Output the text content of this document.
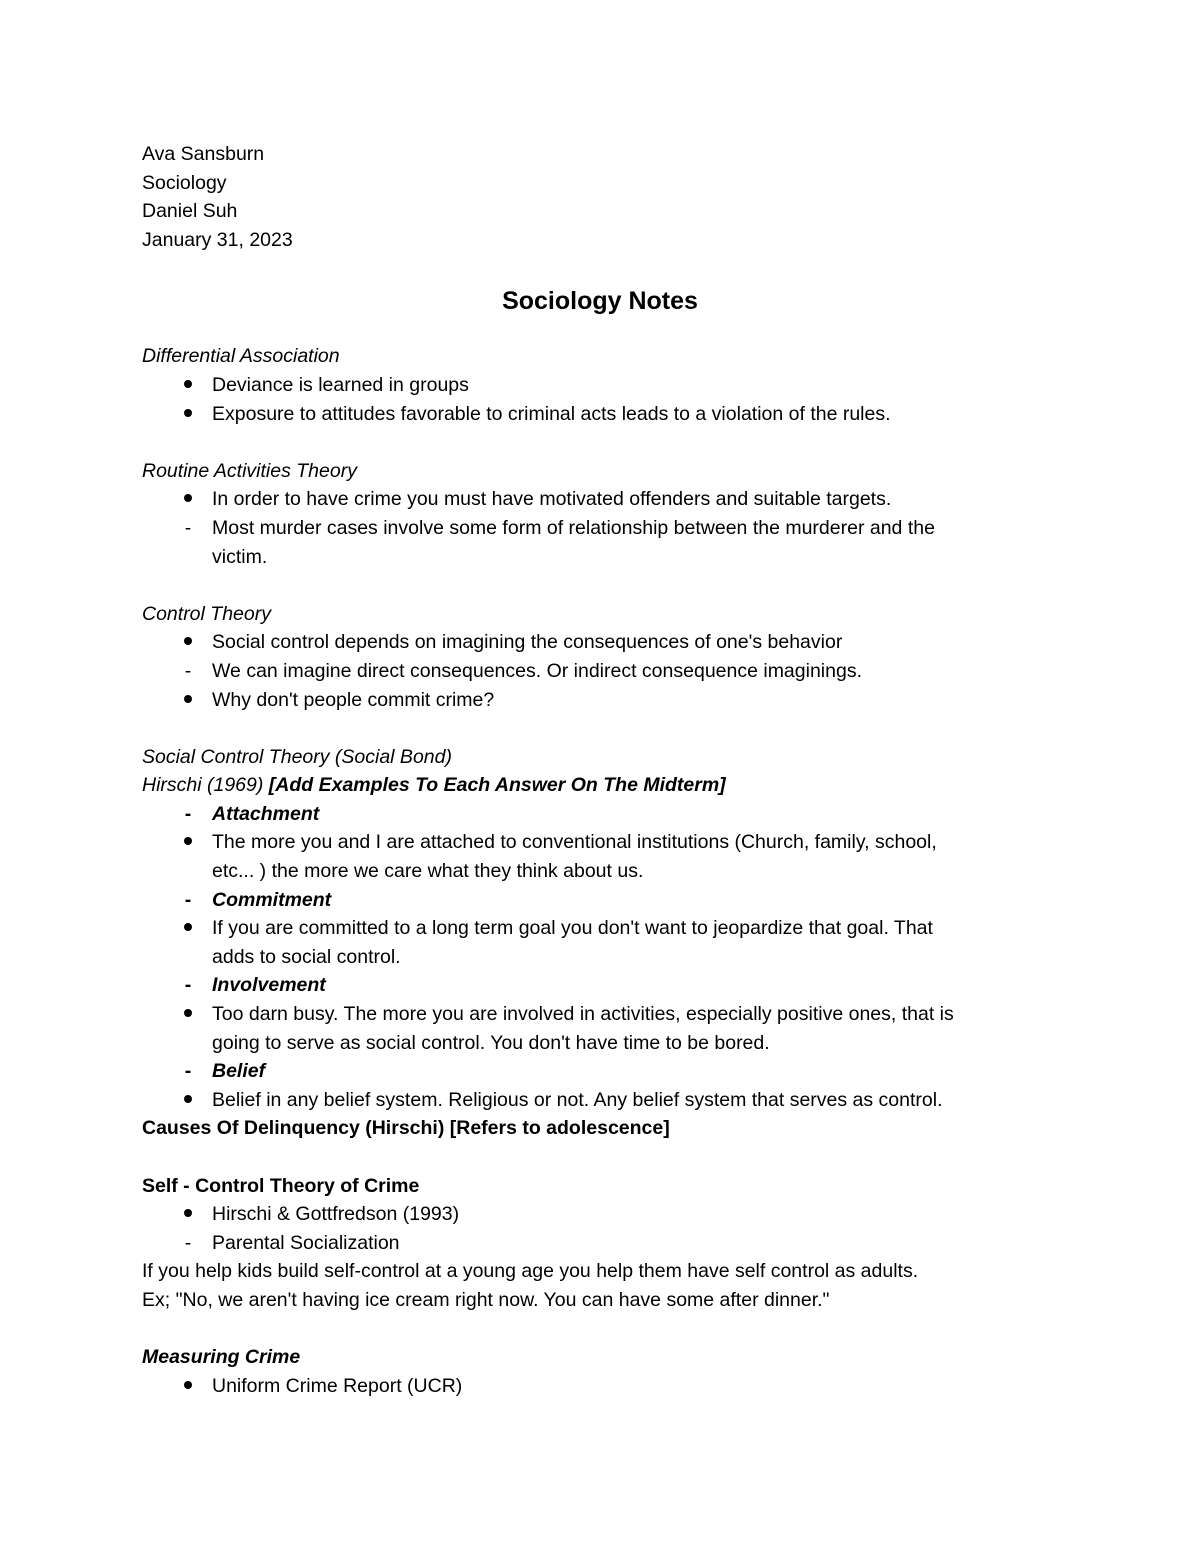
Ava Sansburn
Sociology
Daniel Suh
January 31, 2023
Sociology Notes
Differential Association
Deviance is learned in groups
Exposure to attitudes favorable to criminal acts leads to a violation of the rules.
Routine Activities Theory
In order to have crime you must have motivated offenders and suitable targets.
-	Most murder cases involve some form of relationship between the murderer and the
victim.
Control Theory
Social control depends on imagining the consequences of one's behavior
-	We can imagine direct consequences. Or indirect consequence imaginings.
Why don't people commit crime?
Social Control Theory (Social Bond)
Hirschi (1969) [Add Examples To Each Answer On The Midterm]
-	Attachment
The more you and I are attached to conventional institutions (Church, family, school,
etc... ) the more we care what they think about us.
-	Commitment
If you are committed to a long term goal you don't want to jeopardize that goal. That
adds to social control.
-	Involvement
Too darn busy. The more you are involved in activities, especially positive ones, that is
going to serve as social control. You don't have time to be bored.
-	Belief
Belief in any belief system. Religious or not. Any belief system that serves as control.
Causes Of Delinquency (Hirschi) [Refers to adolescence]
Self - Control Theory of Crime
Hirschi & Gottfredson (1993)
-	Parental Socialization
If you help kids build self-control at a young age you help them have self control as adults.
Ex; "No, we aren't having ice cream right now. You can have some after dinner."
Measuring Crime
Uniform Crime Report (UCR)
